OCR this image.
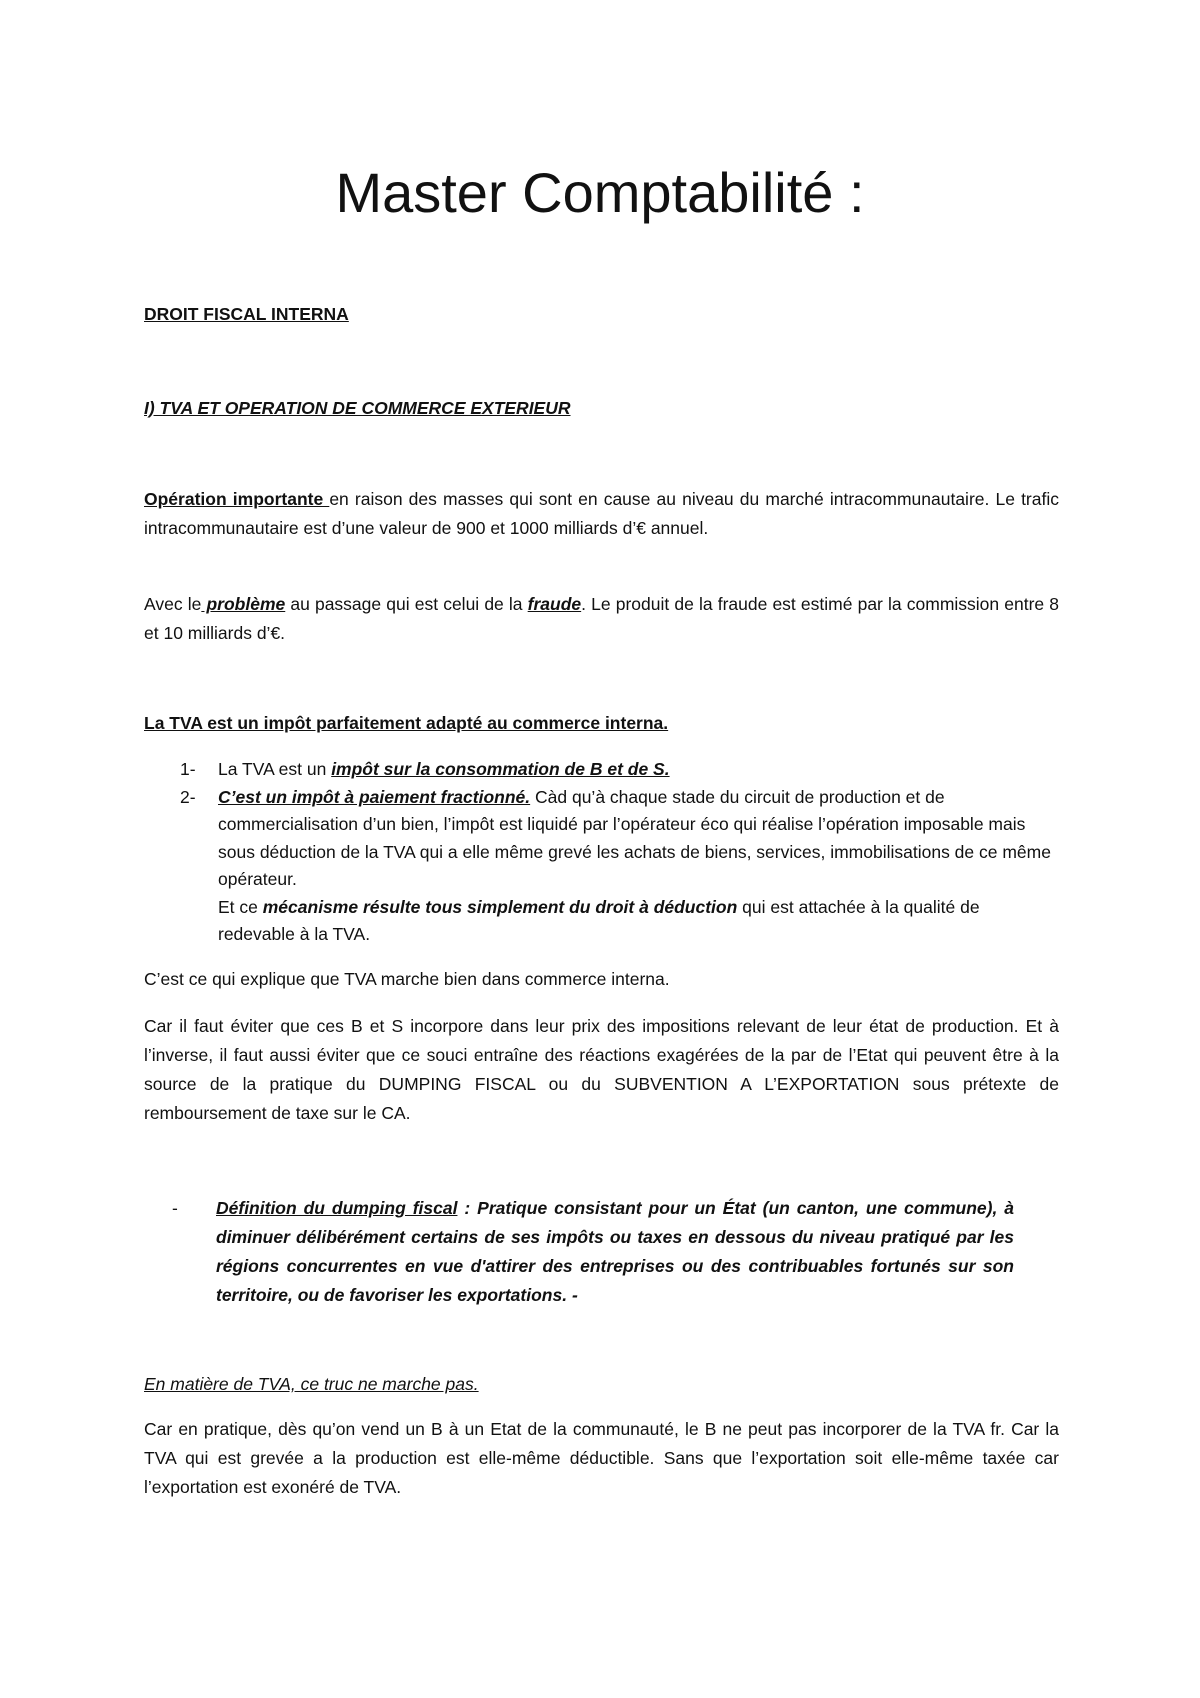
Master Comptabilité :

DROIT FISCAL INTERNA

I) TVA ET OPERATION DE COMMERCE EXTERIEUR

Opération importante en raison des masses qui sont en cause au niveau du marché intracommunautaire. Le trafic intracommunautaire est d’une valeur de 900 et 1000 milliards d’€ annuel.

Avec le problème au passage qui est celui de la fraude. Le produit de la fraude est estimé par la commission entre 8 et 10 milliards d’€.

La TVA est un impôt parfaitement adapté au commerce interna.

1- La TVA est un impôt sur la consommation de B et de S.
2- C’est un impôt à paiement fractionné. Càd qu’à chaque stade du circuit de production et de commercialisation d’un bien, l’impôt est liquidé par l’opérateur éco qui réalise l’opération imposable mais sous déduction de la TVA qui a elle même grevé les achats de biens, services, immobilisations de ce même opérateur.
Et ce mécanisme résulte tous simplement du droit à déduction qui est attachée à la qualité de redevable à la TVA.

C’est ce qui explique que TVA marche bien dans commerce interna.

Car il faut éviter que ces B et S incorpore dans leur prix des impositions relevant de leur état de production. Et à l’inverse, il faut aussi éviter que ce souci entraîne des réactions exagérées de la par de l’Etat qui peuvent être à la source de la pratique du DUMPING FISCAL ou du SUBVENTION A L’EXPORTATION sous prétexte de remboursement de taxe sur le CA.

- Définition du dumping fiscal : Pratique consistant pour un État (un canton, une commune), à diminuer délibérément certains de ses impôts ou taxes en dessous du niveau pratiqué par les régions concurrentes en vue d'attirer des entreprises ou des contribuables fortunés sur son territoire, ou de favoriser les exportations. -

En matière de TVA, ce truc ne marche pas.

Car en pratique, dès qu’on vend un B à un Etat de la communauté, le B ne peut pas incorporer de la TVA fr. Car la TVA qui est grevée a la production est elle-même déductible. Sans que l’exportation soit elle-même taxée car l’exportation est exonéré de TVA.
